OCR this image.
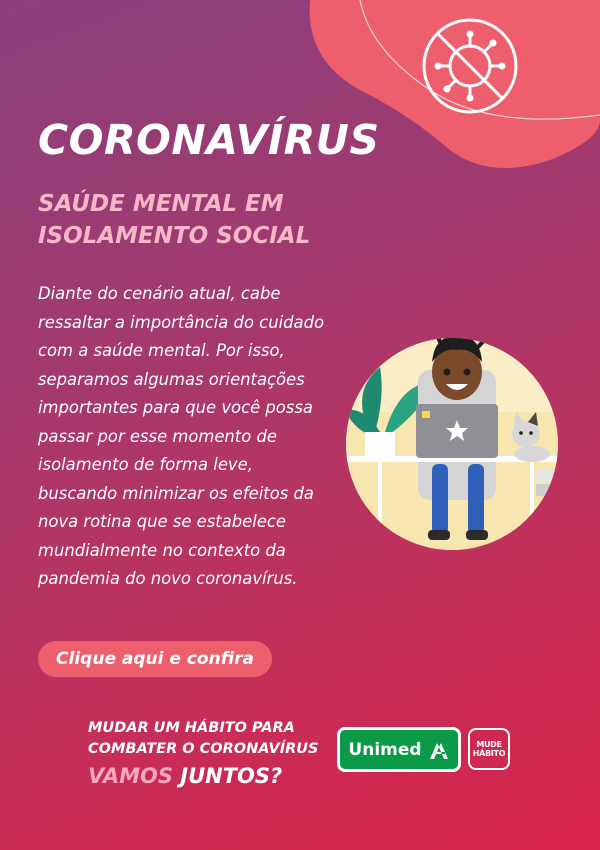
CORONAVÍRUS
SAÚDE MENTAL EM
ISOLAMENTO SOCIAL
Diante do cenário atual, cabe
ressaltar a importância do cuidado
com a saúde mental. Por isso,
separamos algumas orientações
importantes para que você possa
passar por esse momento de
isolamento de forma leve,
buscando minimizar os efeitos da
nova rotina que se estabelece
mundialmente no contexto da
pandemia do novo coronavírus.
Clique aqui e confira
MUDAR UM HÁBITO PARA
COMBATER O CORONAVÍRUS
VAMOS JUNTOS?
Unimed	MUDE
HÁBITO
